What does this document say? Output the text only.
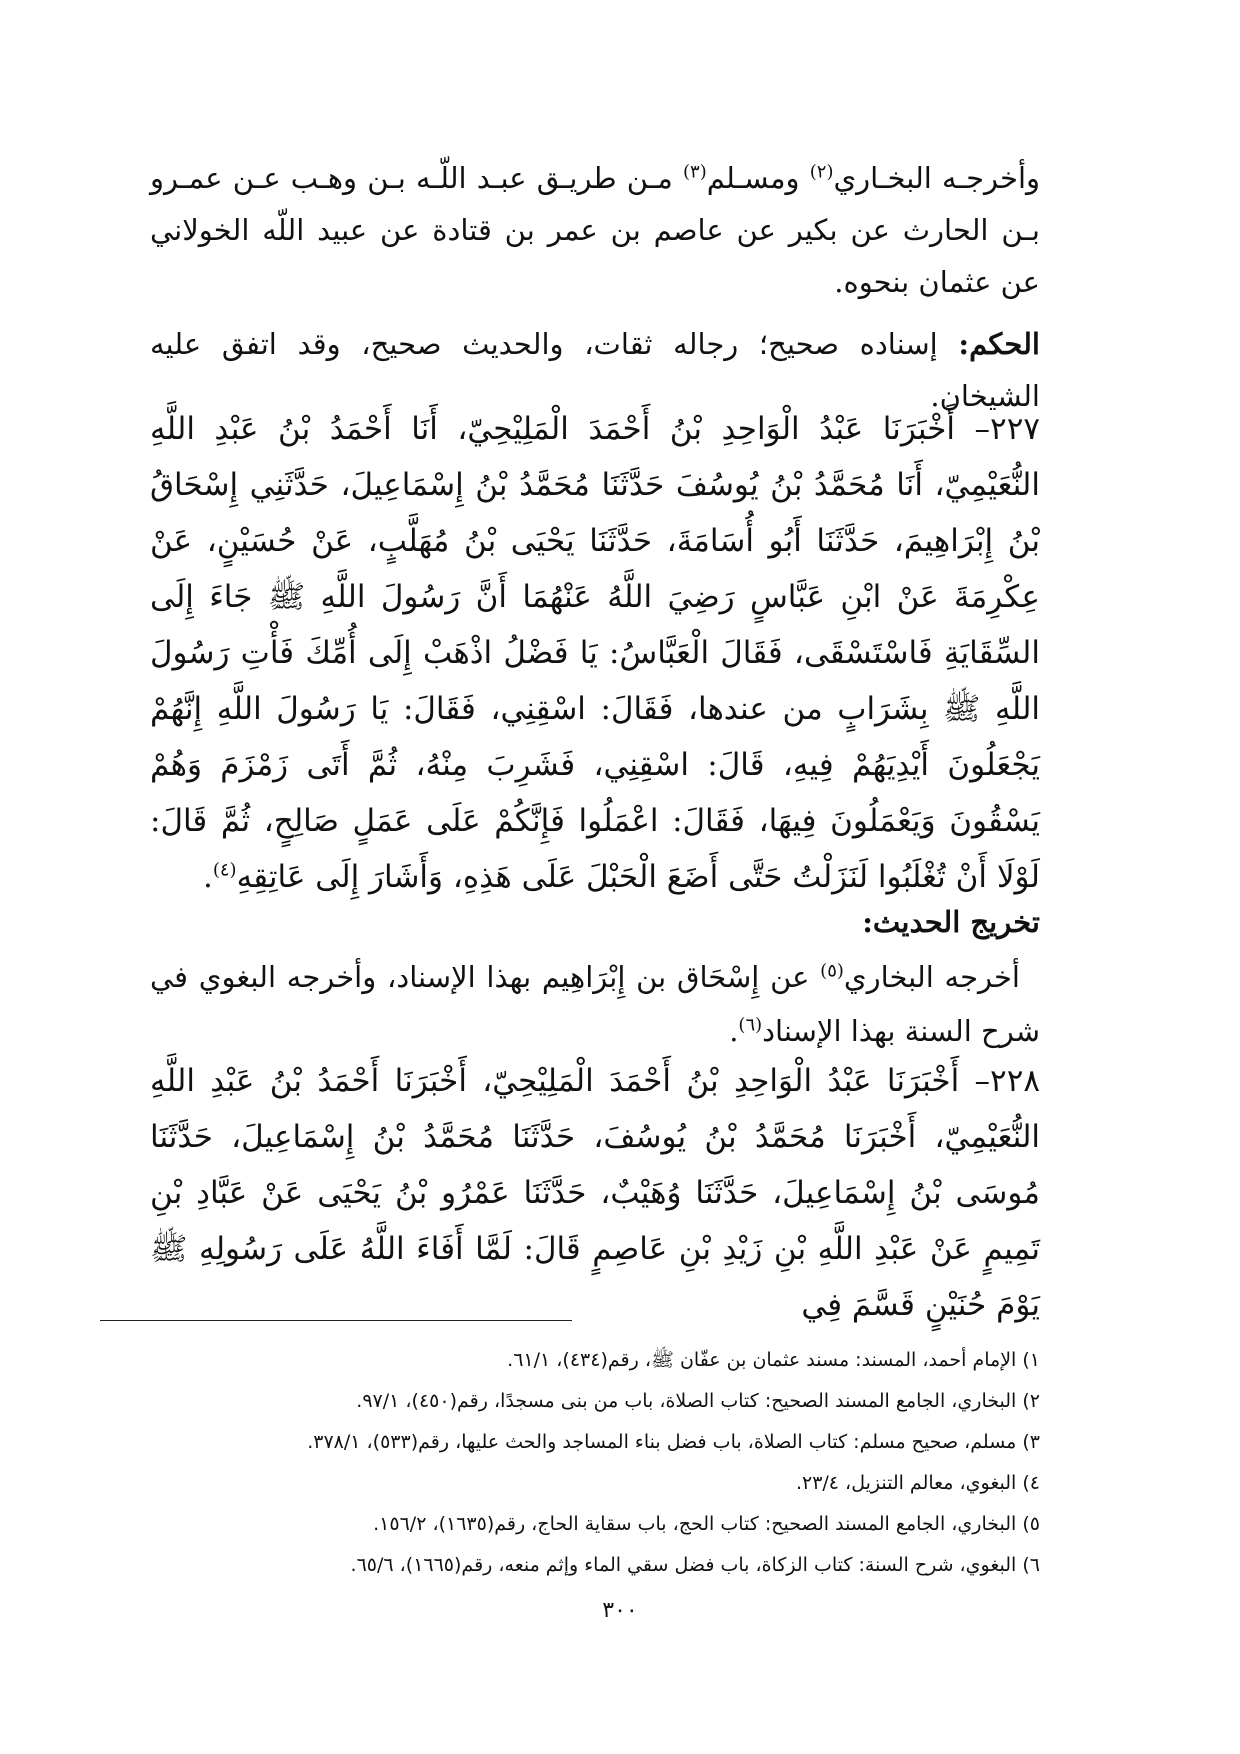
وأخرجـه البخـاري$^{(٢)}$ ومسـلم$^{(٣)}$ مـن طريـق عبـد اللّـه بـن وهـب عـن عمـرو بـن الحارث عن بكير عن عاصم بن عمر بن قتادة عن عبيد اللّه الخولاني عن عثمان بنحوه.
الحكم: إسناده صحيح؛ رجاله ثقات، والحديث صحيح، وقد اتفق عليه الشيخان.
٢٢٧– أَخْبَرَنَا عَبْدُ الْوَاحِدِ بْنُ أَحْمَدَ الْمَلِيْحِيّ، أَنَا أَحْمَدُ بْنُ عَبْدِ اللَّهِ النُّعَيْمِيّ، أَنَا مُحَمَّدُ بْنُ يُوسُفَ حَدَّثَنَا مُحَمَّدُ بْنُ إِسْمَاعِيلَ، حَدَّثَنِي إِسْحَاقُ بْنُ إِبْرَاهِيمَ، حَدَّثَنَا أَبُو أُسَامَةَ، حَدَّثَنَا يَحْيَى بْنُ مُهَلَّبٍ، عَنْ حُسَيْنٍ، عَنْ عِكْرِمَةَ عَنْ ابْنِ عَبَّاسٍ رَضِيَ اللَّهُ عَنْهُمَا أَنَّ رَسُولَ اللَّهِ ﷺ جَاءَ إِلَى السِّقَايَةِ فَاسْتَسْقَى، فَقَالَ الْعَبَّاسُ: يَا فَضْلُ اذْهَبْ إِلَى أُمِّكَ فَأْتِ رَسُولَ اللَّهِ ﷺ بِشَرَابٍ من عندها، فَقَالَ: اسْقِنِي، فَقَالَ: يَا رَسُولَ اللَّهِ إِنَّهُمْ يَجْعَلُونَ أَيْدِيَهُمْ فِيهِ، قَالَ: اسْقِنِي، فَشَرِبَ مِنْهُ، ثُمَّ أَتَى زَمْزَمَ وَهُمْ يَسْقُونَ وَيَعْمَلُونَ فِيهَا، فَقَالَ: اعْمَلُوا فَإِنَّكُمْ عَلَى عَمَلٍ صَالِحٍ، ثُمَّ قَالَ: لَوْلَا أَنْ تُغْلَبُوا لَنَزَلْتُ حَتَّى أَضَعَ الْحَبْلَ عَلَى هَذِهِ، وَأَشَارَ إِلَى عَاتِقِهِ$^{(٤)}$.
تخريج الحديث:
أخرجه البخاري$^{(٥)}$ عن إِسْحَاق بن إِبْرَاهِيم بهذا الإسناد، وأخرجه البغوي في شرح السنة بهذا الإسناد$^{(٦)}$.
٢٢٨– أَخْبَرَنَا عَبْدُ الْوَاحِدِ بْنُ أَحْمَدَ الْمَلِيْحِيّ، أَخْبَرَنَا أَحْمَدُ بْنُ عَبْدِ اللَّهِ النُّعَيْمِيّ، أَخْبَرَنَا مُحَمَّدُ بْنُ يُوسُفَ، حَدَّثَنَا مُحَمَّدُ بْنُ إِسْمَاعِيلَ، حَدَّثَنَا مُوسَى بْنُ إِسْمَاعِيلَ، حَدَّثَنَا وُهَيْبٌ، حَدَّثَنَا عَمْرُو بْنُ يَحْيَى عَنْ عَبَّادِ بْنِ تَمِيمٍ عَنْ عَبْدِ اللَّهِ بْنِ زَيْدِ بْنِ عَاصِمٍ قَالَ: لَمَّا أَفَاءَ اللَّهُ عَلَى رَسُولِهِ ﷺ يَوْمَ حُنَيْنٍ قَسَّمَ فِي
١) الإمام أحمد، المسند: مسند عثمان بن عفّان ﷺ، رقم(٤٣٤)، ٦١/١.
٢) البخاري، الجامع المسند الصحيح: كتاب الصلاة، باب من بنى مسجدًا، رقم(٤٥٠)، ٩٧/١.
٣) مسلم، صحيح مسلم: كتاب الصلاة، باب فضل بناء المساجد والحث عليها، رقم(٥٣٣)، ٣٧٨/١.
٤) البغوي، معالم التنزيل، ٢٣/٤.
٥) البخاري، الجامع المسند الصحيح: كتاب الحج، باب سقاية الحاج، رقم(١٦٣٥)، ١٥٦/٢.
٦) البغوي، شرح السنة: كتاب الزكاة، باب فضل سقي الماء وإثم منعه، رقم(١٦٦٥)، ٦٥/٦.
٣٠٠
